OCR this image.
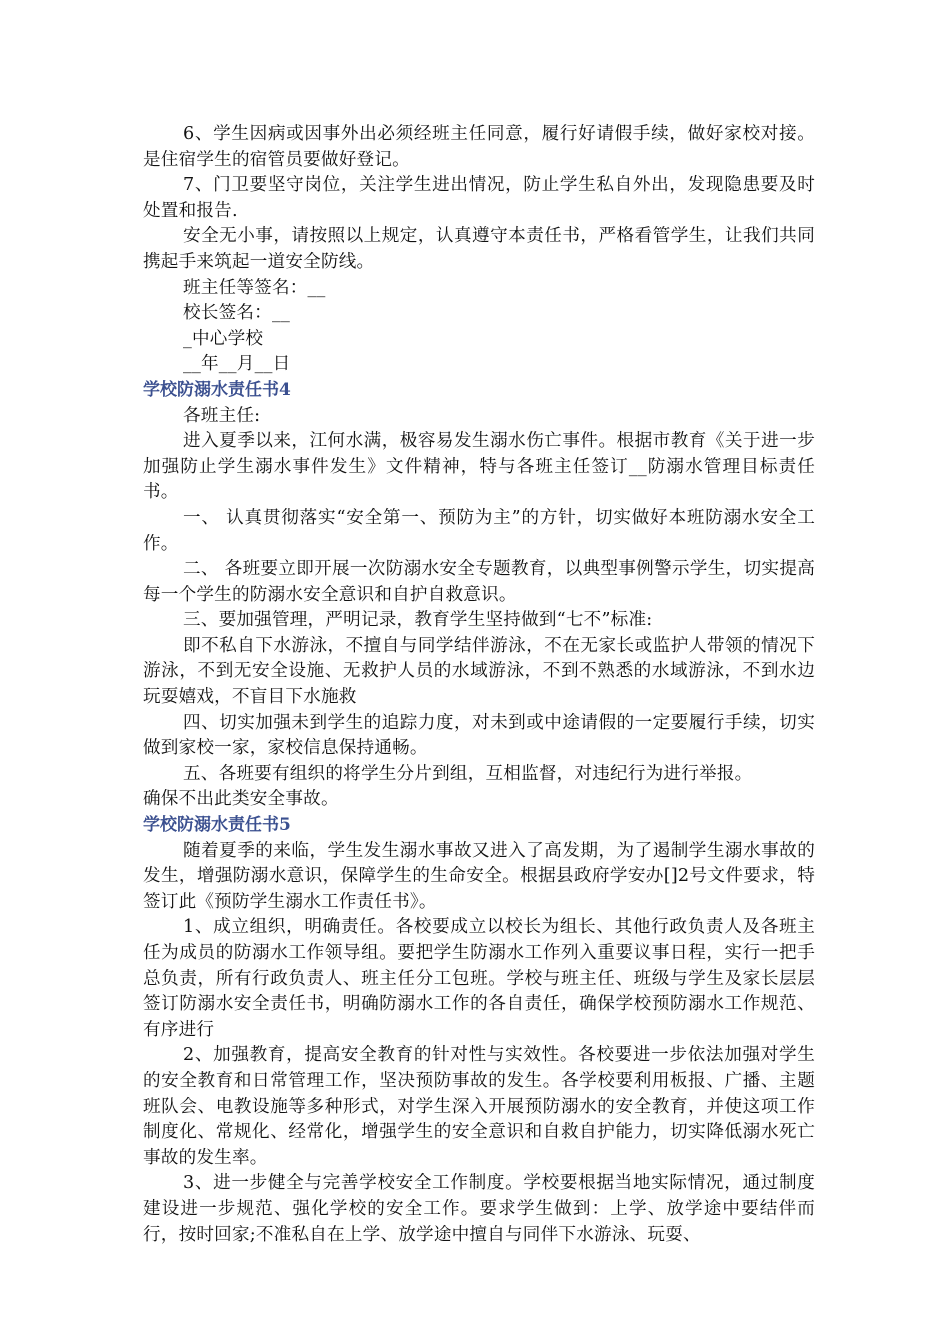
6、学生因病或因事外出必须经班主任同意，履行好请假手续，做好家校对接。是住宿学生的宿管员要做好登记。

7、门卫要坚守岗位，关注学生进出情况，防止学生私自外出，发现隐患要及时处置和报告.

安全无小事，请按照以上规定，认真遵守本责任书，严格看管学生，让我们共同携起手来筑起一道安全防线。

班主任等签名：__

校长签名：__

_中心学校

__年__月__日

学校防溺水责任书4

各班主任:

进入夏季以来，江何水满，极容易发生溺水伤亡事件。根据市教育《关于进一步加强防止学生溺水事件发生》文件精神，特与各班主任签订__防溺水管理目标责任书。

一、 认真贯彻落实“安全第一、预防为主”的方针，切实做好本班防溺水安全工作。

二、 各班要立即开展一次防溺水安全专题教育，以典型事例警示学生，切实提高每一个学生的防溺水安全意识和自护自救意识。

三、要加强管理，严明记录，教育学生坚持做到“七不”标准:

即不私自下水游泳，不擅自与同学结伴游泳，不在无家长或监护人带领的情况下游泳，不到无安全设施、无救护人员的水域游泳，不到不熟悉的水域游泳，不到水边玩耍嬉戏，不盲目下水施救

四、切实加强未到学生的追踪力度，对未到或中途请假的一定要履行手续，切实做到家校一家，家校信息保持通畅。

五、各班要有组织的将学生分片到组，互相监督，对违纪行为进行举报。

确保不出此类安全事故。

学校防溺水责任书5

随着夏季的来临，学生发生溺水事故又进入了高发期，为了遏制学生溺水事故的发生，增强防溺水意识，保障学生的生命安全。根据县政府学安办[]2号文件要求，特签订此《预防学生溺水工作责任书》。

1、成立组织，明确责任。各校要成立以校长为组长、其他行政负责人及各班主任为成员的防溺水工作领导组。要把学生防溺水工作列入重要议事日程，实行一把手总负责，所有行政负责人、班主任分工包班。学校与班主任、班级与学生及家长层层签订防溺水安全责任书，明确防溺水工作的各自责任，确保学校预防溺水工作规范、有序进行

2、加强教育，提高安全教育的针对性与实效性。各校要进一步依法加强对学生的安全教育和日常管理工作，坚决预防事故的发生。各学校要利用板报、广播、主题班队会、电教设施等多种形式，对学生深入开展预防溺水的安全教育，并使这项工作制度化、常规化、经常化，增强学生的安全意识和自救自护能力，切实降低溺水死亡事故的发生率。

3、进一步健全与完善学校安全工作制度。学校要根据当地实际情况，通过制度建设进一步规范、强化学校的安全工作。要求学生做到：上学、放学途中要结伴而行，按时回家;不准私自在上学、放学途中擅自与同伴下水游泳、玩耍、
